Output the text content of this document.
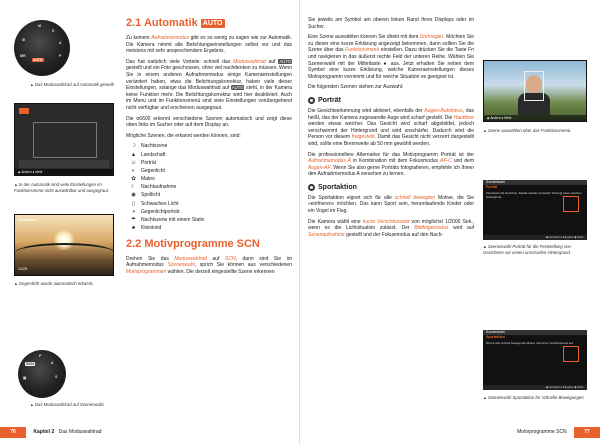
M
S
A
P
MR
⚙
AUTO
▲ Das Moduswahlrad auf Automatik gestellt
◆ Ändern ● Mehr
▲ In der Automatik sind viele Einstellungen im Funktionsmenü nicht auswählbar und ausgegraut.
Gegenlicht
1/125
▲ Gegenlicht wurde automatisch erkannt.
P
A
S
▣
SCN
▲ Das Moduswahlrad auf Szenenwahl.
2.1 Automatik AUTO

Zu keinem Aufnahmemodus gibt es so wenig zu sagen wie zur Automatik. Die Kamera nimmt alle Belichtungseinstellungen selbst vor und das meistens mit sehr ansprechendem Ergebnis.

Das hat natürlich viele Vorteile: schnell das Moduswahlrad auf AUTO gestellt und ein Foto geschossen, ohne viel nachdenken zu müssen. Wenn Sie in einem anderen Aufnahmemodus einige Kameraeinstellungen verändert haben, etwa die Belichtungskorrektur, haben viele dieser Einstellungen, solange das Moduswahlrad auf AUTO steht, in der Kamera keine Funktion mehr. Die Belichtungskorrektur wird hier deaktiviert. Auch im Menü und im Funktionsmenü sind viele Einstellungen vorübergehend nicht verfügbar und erscheinen ausgegraut.

Die α6600 erkennt verschiedene Szenen automatisch und zeigt diese oben links im Sucher oder auf dem Display an.

Mögliche Szenen, die erkannt werden können, sind:

☽ Nachtszene
▲ Landschaft
☺ Porträt
◐	Gegenlicht
✿ Makro
☾ Nachtaufnahme
◉ Spotlicht
▯	Schwaches Licht
◑	Gegenlichtporträt
☂ Nachtszene mit einem Stativ
♣	Kleinkind
2.2 Motivprogramme SCN

Drehen Sie das Moduswahlrad auf SCN, dann sind Sie im Aufnahmemodus Szenenwahl, sprich Sie können aus verschiedenen Motivprogrammen wählen. Die derzeit eingestellte Szene erkennen

76	Kapitel 2 Das Moduswahlrad

Sie jeweils am Symbol am oberen linken Rand Ihres Displays oder im Sucher.

Eine Szene auswählen können Sie direkt mit dem Drehregler. Möchten Sie zu dieser eine kurze Erklärung angezeigt bekommen, dann sollten Sie die Szene über das Funktionsmenü einstellen. Dazu drücken Sie die Taste Fn und navigieren in das äußerst rechte Feld der unteren Reihe. Wählen Sie Szenenwahl mit der Mitteltaste ● aus. Jetzt erhalten Sie neben dem Symbol eine kurze Erklärung, welche Kameraeinstellungen dieses Motivprogramm vornimmt und für welche Situation es geeignet ist.

Die folgenden Szenen stehen zur Auswahl:

Porträt

Die Gesichtserkennung wird aktiviert, ebenfalls der Augen-Autofokus, das heißt, das der Kamera zugewandte Auge wird scharf gestellt. Die Hauttöne werden etwas weicher. Das Gesicht wird scharf abgebildet, jedoch verschwimmt der Hintergrund und wird unschärfer. Dadurch wird die Person vor diesem freigestellt. Damit das Gesicht nicht verzerrt dargestellt wird, sollte eine Brennweite ab 50 mm gewählt werden.

Die professionellere Alternative für das Motivprogramm Porträt ist der Aufnahmemodus A in Kombination mit dem Fokusmodus AF-C und dem Augen-AF. Wenn Sie also gerne Porträts fotografieren, empfehle ich Ihnen den Aufnahmemodus A versehen zu lernen.

Sportaktion

Die Sportaktion eignet sich für alle schnell bewegten Motive, die Sie »einfrieren« möchten. Das kann Sport sein, herumlaufende Kinder oder ein Vogel im Flug.

Die Kamera wählt eine kurze Verschlusszeit von möglichst 1/2000 Sek., wenn es die Lichtsituation zulässt. Der Bildfolgemodus wird auf Serienaufnahme gestellt und der Fokusmodus auf den Nach-

◆ Ändern ● Mehr
▲ Szene auswählen über das Funktionsmenü.
Szenenwahl
Porträt
Fokussiert auf Gesichter, Details werden verwischt. Erzeugt einen weichen Hintergrund.
◆ Auswahl ● Eingabe ◆ Abbr.
▲ Szenenwahl Porträt für die Feststellung von Gesichtern vor einem unscharfen Hintergrund.
Szenenwahl
Sportaktion
Nimmt sich schnell bewegende Motive mit kurzer Verschlusszeit auf.
◆ Auswahl ● Eingabe ◆ Abbr.
▲ Szenenwahl Sportaktion für schnelle Bewegungen.
Motivprogramme SCN	77
